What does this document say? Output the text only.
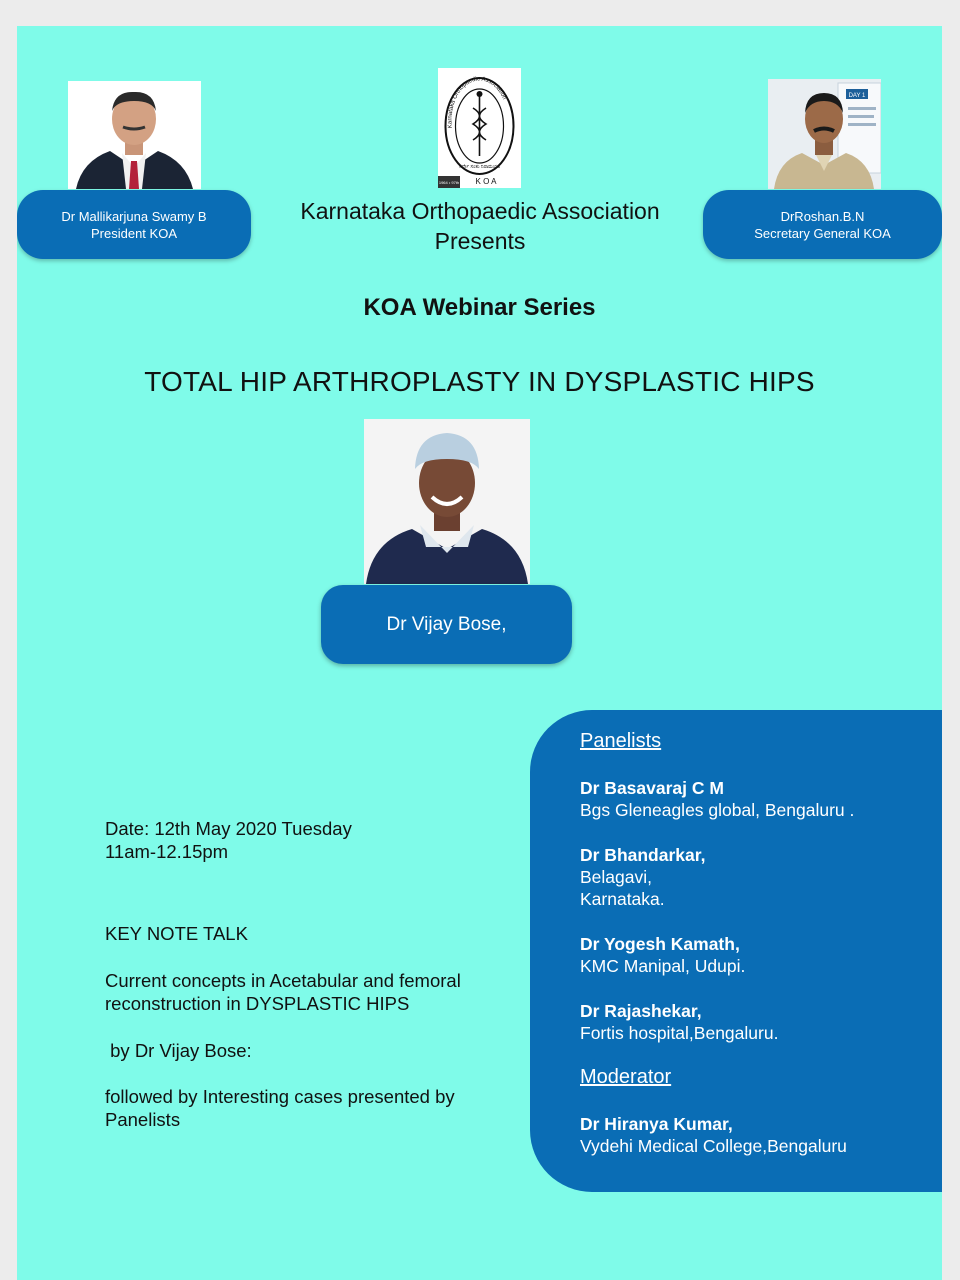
Dr Mallikarjuna Swamy B
President KOA
Karnataka Orthopaedic Association
ಸರ್ವೇ ಸಂತು ನಿರಾಮಯಾ
K O A
1964 • 97th
Karnataka Orthopaedic Association
Presents
DAY 1
DrRoshan.B.N
Secretary General KOA
KOA Webinar Series
TOTAL HIP ARTHROPLASTY IN DYSPLASTIC HIPS
Dr Vijay Bose,
Date: 12th May 2020 Tuesday
11am-12.15pm
KEY NOTE TALK
Current concepts in Acetabular and femoral
reconstruction in DYSPLASTIC HIPS
by Dr Vijay Bose:
followed by Interesting cases presented by
Panelists
Panelists
Dr Basavaraj C M
Bgs Gleneagles global, Bengaluru .
Dr Bhandarkar,
Belagavi,
Karnataka.
Dr Yogesh Kamath,
KMC Manipal, Udupi.
Dr Rajashekar,
Fortis hospital,Bengaluru.
Moderator
Dr Hiranya Kumar,
Vydehi Medical College,Bengaluru
